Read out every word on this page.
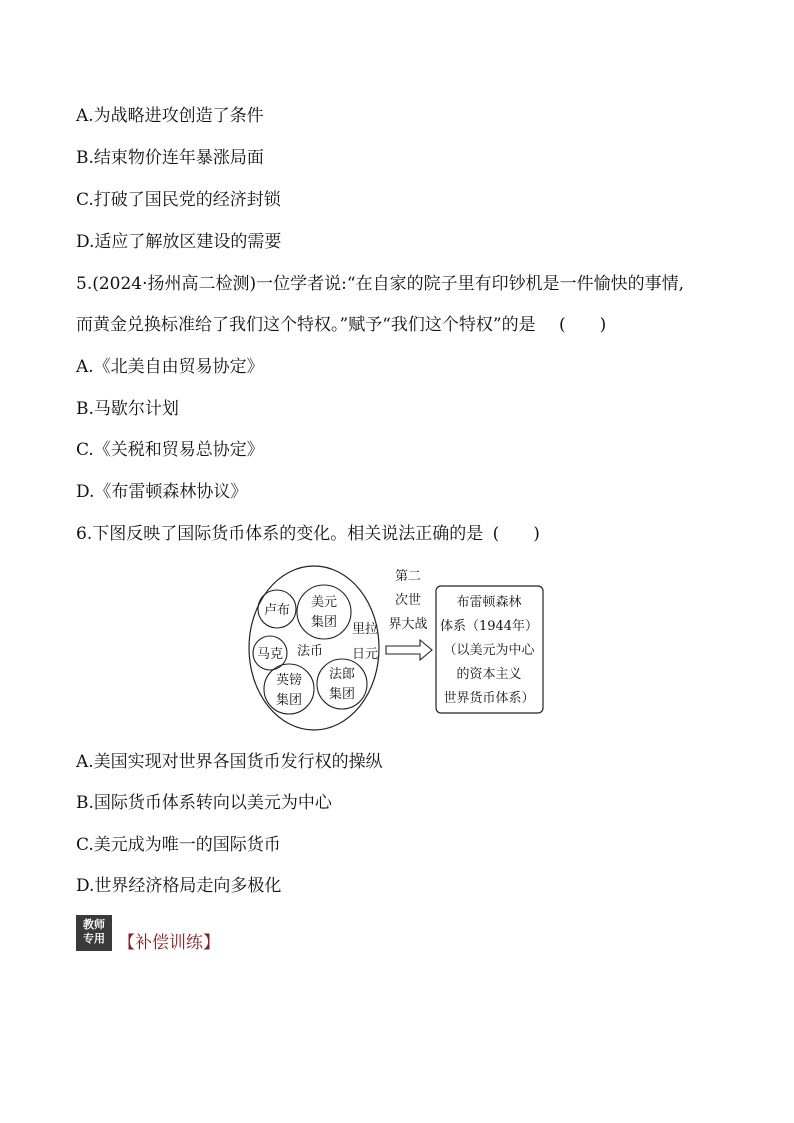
A.为战略进攻创造了条件
B.结束物价连年暴涨局面
C.打破了国民党的经济封锁
D.适应了解放区建设的需要
5.(2024·扬州高二检测)一位学者说:“在自家的院子里有印钞机是一件愉快的事情,
而黄金兑换标准给了我们这个特权。”赋予“我们这个特权”的是 (　　)
A.《北美自由贸易协定》
B.马歇尔计划
C.《关税和贸易总协定》
D.《布雷顿森林协议》
6.下图反映了国际货币体系的变化。相关说法正确的是 (　　)
卢布
美元
集团
马克 法币
里拉
日元
英镑
集团
法郎
集团
第二
次世
界大战
布雷顿森林
体系（1944年）
（以美元为中心
的资本主义
世界货币体系）
A.美国实现对世界各国货币发行权的操纵
B.国际货币体系转向以美元为中心
C.美元成为唯一的国际货币
D.世界经济格局走向多极化
教师
专用 【补偿训练】
